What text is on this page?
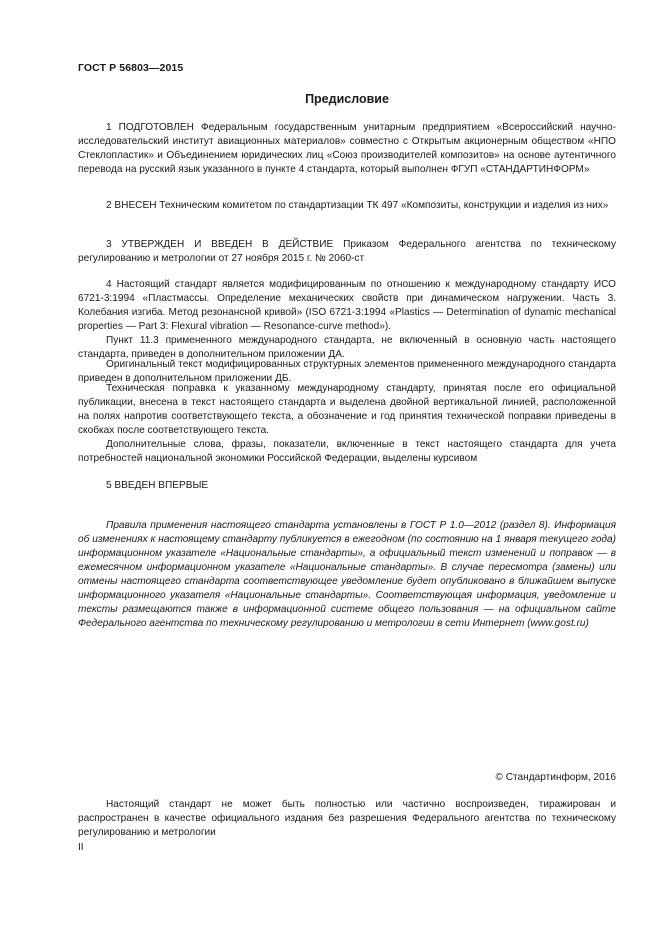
ГОСТ Р 56803—2015
Предисловие

1 ПОДГОТОВЛЕН Федеральным государственным унитарным предприятием «Всероссийский научно-исследовательский институт авиационных материалов» совместно с Открытым акционерным обществом «НПО Стеклопластик» и Объединением юридических лиц «Союз производителей композитов» на основе аутентичного перевода на русский язык указанного в пункте 4 стандарта, который выполнен ФГУП «СТАНДАРТИНФОРМ»

2 ВНЕСЕН Техническим комитетом по стандартизации ТК 497 «Композиты, конструкции и изделия из них»

3 УТВЕРЖДЕН И ВВЕДЕН В ДЕЙСТВИЕ Приказом Федерального агентства по техническому регулированию и метрологии от 27 ноября 2015 г. № 2060-ст

4 Настоящий стандарт является модифицированным по отношению к международному стандарту ИСО 6721-3:1994 «Пластмассы. Определение механических свойств при динамическом нагружении. Часть 3. Колебания изгиба. Метод резонансной кривой» (ISO 6721-3:1994 «Plastics — Determination of dynamic mechanical properties — Part 3: Flexural vibration — Resonance-curve method»).

Пункт 11.3 примененного международного стандарта, не включенный в основную часть настоящего стандарта, приведен в дополнительном приложении ДА.

Оригинальный текст модифицированных структурных элементов примененного международного стандарта приведен в дополнительном приложении ДБ.

Техническая поправка к указанному международному стандарту, принятая после его официальной публикации, внесена в текст настоящего стандарта и выделена двойной вертикальной линией, расположенной на полях напротив соответствующего текста, а обозначение и год принятия технической поправки приведены в скобках после соответствующего текста.

Дополнительные слова, фразы, показатели, включенные в текст настоящего стандарта для учета потребностей национальной экономики Российской Федерации, выделены курсивом

5 ВВЕДЕН ВПЕРВЫЕ

Правила применения настоящего стандарта установлены в ГОСТ Р 1.0—2012 (раздел 8). Информация об изменениях к настоящему стандарту публикуется в ежегодном (по состоянию на 1 января текущего года) информационном указателе «Национальные стандарты», а официальный текст изменений и поправок — в ежемесячном информационном указателе «Национальные стандарты». В случае пересмотра (замены) или отмены настоящего стандарта соответствующее уведомление будет опубликовано в ближайшем выпуске информационного указателя «Национальные стандарты». Соответствующая информация, уведомление и тексты размещаются также в информационной системе общего пользования — на официальном сайте Федерального агентства по техническому регулированию и метрологии в сети Интернет (www.gost.ru)

© Стандартинформ, 2016

Настоящий стандарт не может быть полностью или частично воспроизведен, тиражирован и распространен в качестве официального издания без разрешения Федерального агентства по техническому регулированию и метрологии

II
